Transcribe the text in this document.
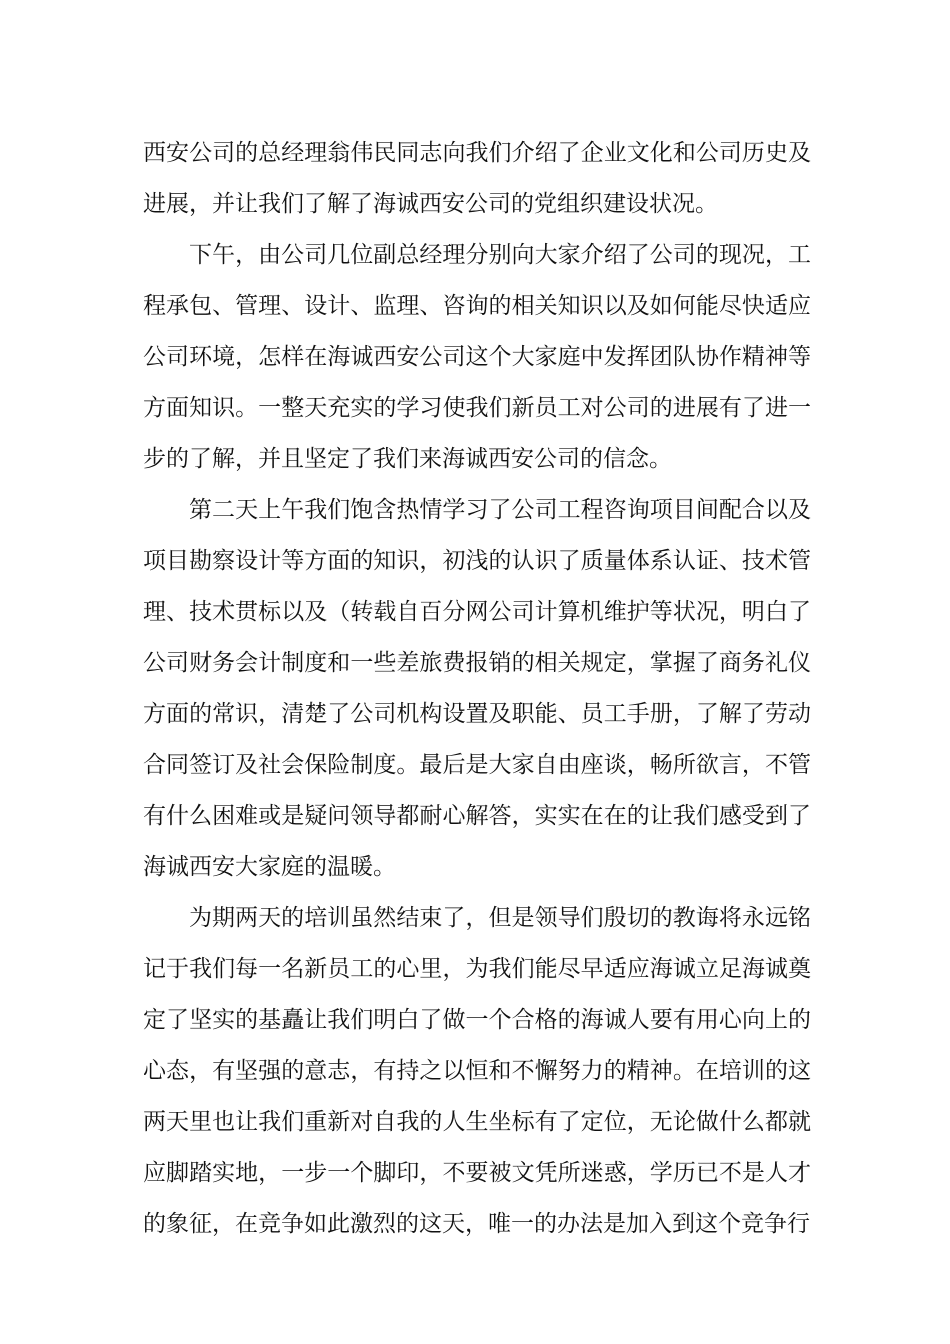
西安公司的总经理翁伟民同志向我们介绍了企业文化和公司历史及进展，并让我们了解了海诚西安公司的党组织建设状况。

下午，由公司几位副总经理分别向大家介绍了公司的现况，工程承包、管理、设计、监理、咨询的相关知识以及如何能尽快适应公司环境，怎样在海诚西安公司这个大家庭中发挥团队协作精神等方面知识。一整天充实的学习使我们新员工对公司的进展有了进一步的了解，并且坚定了我们来海诚西安公司的信念。

第二天上午我们饱含热情学习了公司工程咨询项目间配合以及项目勘察设计等方面的知识，初浅的认识了质量体系认证、技术管理、技术贯标以及（转载自百分网公司计算机维护等状况，明白了公司财务会计制度和一些差旅费报销的相关规定，掌握了商务礼仪方面的常识，清楚了公司机构设置及职能、员工手册，了解了劳动合同签订及社会保险制度。最后是大家自由座谈，畅所欲言，不管有什么困难或是疑问领导都耐心解答，实实在在的让我们感受到了海诚西安大家庭的温暖。

为期两天的培训虽然结束了，但是领导们殷切的教诲将永远铭记于我们每一名新员工的心里，为我们能尽早适应海诚立足海诚奠定了坚实的基矗让我们明白了做一个合格的海诚人要有用心向上的心态，有坚强的意志，有持之以恒和不懈努力的精神。在培训的这两天里也让我们重新对自我的人生坐标有了定位，无论做什么都就应脚踏实地，一步一个脚印，不要被文凭所迷惑，学历已不是人才的象征，在竞争如此激烈的这天，唯一的办法是加入到这个竞争行
